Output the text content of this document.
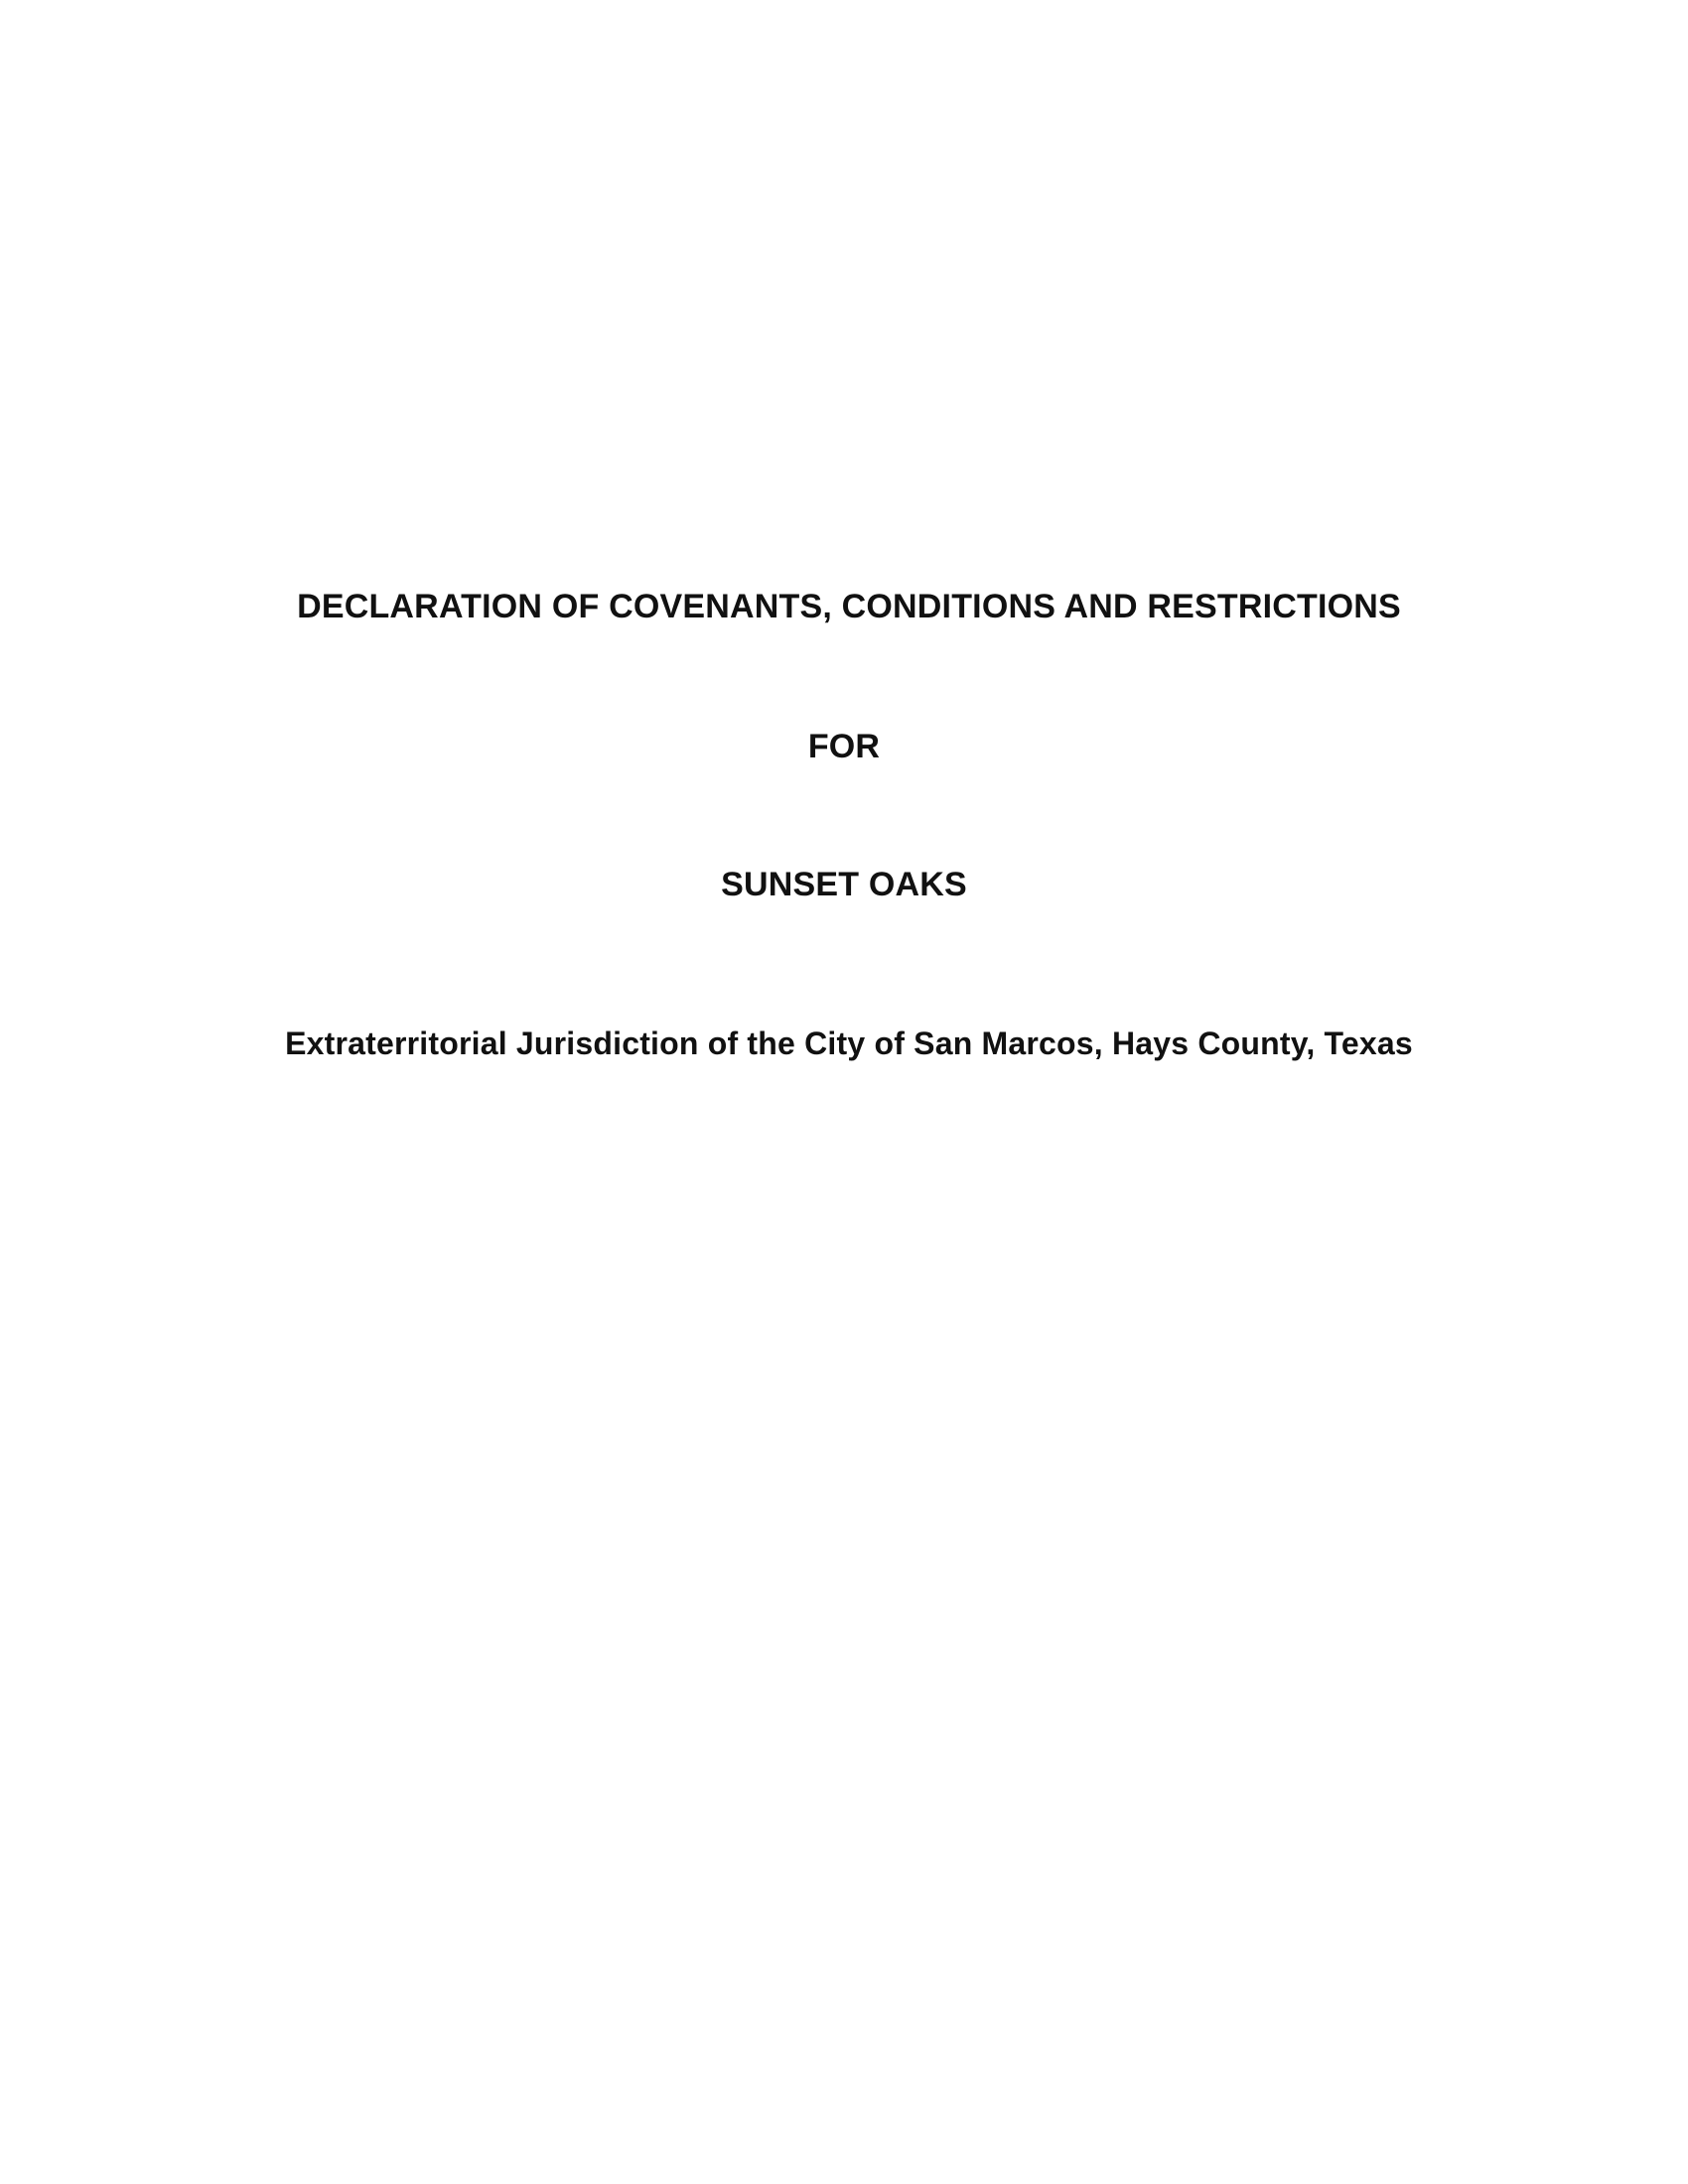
DECLARATION OF COVENANTS, CONDITIONS AND RESTRICTIONS
FOR
SUNSET OAKS
Extraterritorial Jurisdiction of the City of San Marcos, Hays County, Texas
